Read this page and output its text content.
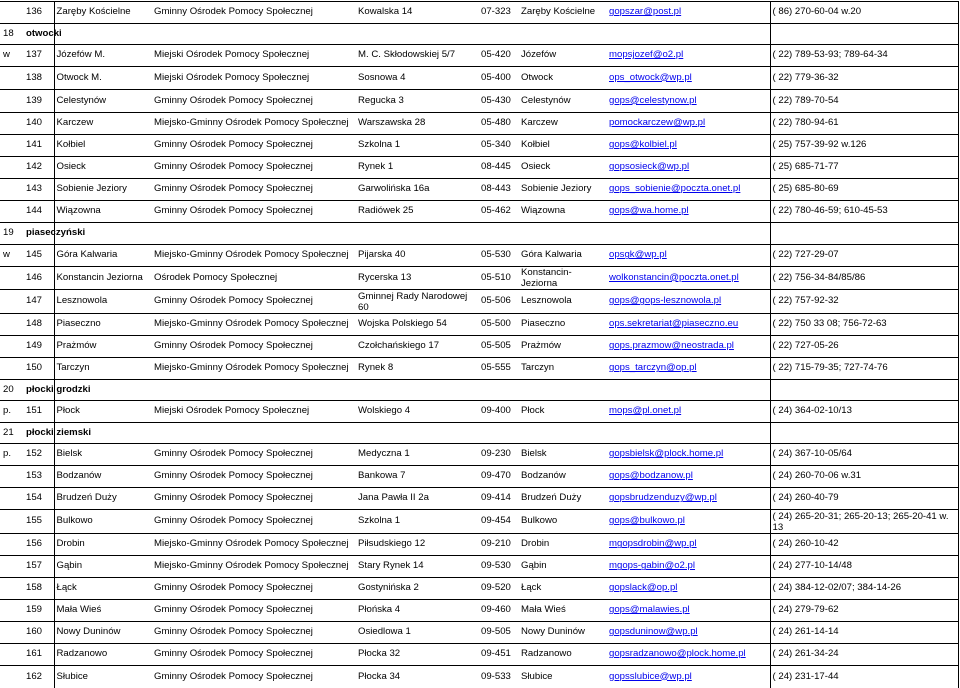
	136	Zaręby Kościelne	Gminny Ośrodek Pomocy Społecznej	Kowalska 14	07-323	Zaręby Kościelne	gopszar@post.pl	( 86) 270-60-04 w.20
18	otwocki							
w	137	Józefów M.	Miejski Ośrodek Pomocy Społecznej	M. C. Skłodowskiej 5/7	05-420	Józefów	mopsjozef@o2.pl	( 22) 789-53-93; 789-64-34
	138	Otwock M.	Miejski Ośrodek Pomocy Społecznej	Sosnowa 4	05-400	Otwock	ops_otwock@wp.pl	( 22) 779-36-32
	139	Celestynów	Gminny Ośrodek Pomocy Społecznej	Regucka 3	05-430	Celestynów	gops@celestynow.pl	( 22) 789-70-54
	140	Karczew	Miejsko-Gminny Ośrodek Pomocy Społecznej	Warszawska 28	05-480	Karczew	pomockarczew@wp.pl	( 22) 780-94-61
	141	Kołbiel	Gminny Ośrodek Pomocy Społecznej	Szkolna 1	05-340	Kołbiel	gops@kolbiel.pl	( 25) 757-39-92 w.126
	142	Osieck	Gminny Ośrodek Pomocy Społecznej	Rynek 1	08-445	Osieck	gopsosieck@wp.pl	( 25) 685-71-77
	143	Sobienie Jeziory	Gminny Ośrodek Pomocy Społecznej	Garwolińska 16a	08-443	Sobienie Jeziory	gops_sobienie@poczta.onet.pl	( 25) 685-80-69
	144	Wiązowna	Gminny Ośrodek Pomocy Społecznej	Radiówek 25	05-462	Wiązowna	gops@wa.home.pl	( 22) 780-46-59; 610-45-53
19	piaseczyński							
w	145	Góra Kalwaria	Miejsko-Gminny Ośrodek Pomocy Społecznej	Pijarska 40	05-530	Góra Kalwaria	opsgk@wp.pl	( 22) 727-29-07
	146	Konstancin Jeziorna	Ośrodek Pomocy Społecznej	Rycerska 13	05-510	Konstancin-Jeziorna	wolkonstancin@poczta.onet.pl	( 22) 756-34-84/85/86
	147	Lesznowola	Gminny Ośrodek Pomocy Społecznej	Gminnej Rady Narodowej 60	05-506	Lesznowola	gops@gops-lesznowola.pl	( 22) 757-92-32
	148	Piaseczno	Miejsko-Gminny Ośrodek Pomocy Społecznej	Wojska Polskiego 54	05-500	Piaseczno	ops.sekretariat@piaseczno.eu	( 22) 750 33 08; 756-72-63
	149	Prażmów	Gminny Ośrodek Pomocy Społecznej	Czołchańskiego 17	05-505	Prażmów	gops.prazmow@neostrada.pl	( 22) 727-05-26
	150	Tarczyn	Miejsko-Gminny Ośrodek Pomocy Społecznej	Rynek 8	05-555	Tarczyn	gops_tarczyn@op.pl	( 22) 715-79-35; 727-74-76
20	płocki grodzki							
p.	151	Płock	Miejski Ośrodek Pomocy Społecznej	Wolskiego 4	09-400	Płock	mops@pl.onet.pl	( 24) 364-02-10/13
21	płocki ziemski							
p.	152	Bielsk	Gminny Ośrodek Pomocy Społecznej	Medyczna 1	09-230	Bielsk	gopsbielsk@plock.home.pl	( 24) 367-10-05/64
	153	Bodzanów	Gminny Ośrodek Pomocy Społecznej	Bankowa 7	09-470	Bodzanów	gops@bodzanow.pl	( 24) 260-70-06 w.31
	154	Brudzeń Duży	Gminny Ośrodek Pomocy Społecznej	Jana Pawła II 2a	09-414	Brudzeń Duży	gopsbrudzenduzy@wp.pl	( 24) 260-40-79
	155	Bulkowo	Gminny Ośrodek Pomocy Społecznej	Szkolna 1	09-454	Bulkowo	gops@bulkowo.pl	( 24) 265-20-31; 265-20-13; 265-20-41 w. 13
	156	Drobin	Miejsko-Gminny Ośrodek Pomocy Społecznej	Piłsudskiego 12	09-210	Drobin	mgopsdrobin@wp.pl	( 24) 260-10-42
	157	Gąbin	Miejsko-Gminny Ośrodek Pomocy Społecznej	Stary Rynek 14	09-530	Gąbin	mgops-gabin@o2.pl	( 24) 277-10-14/48
	158	Łąck	Gminny Ośrodek Pomocy Społecznej	Gostynińska 2	09-520	Łąck	gopslack@op.pl	( 24) 384-12-02/07; 384-14-26
	159	Mała Wieś	Gminny Ośrodek Pomocy Społecznej	Płońska 4	09-460	Mała Wieś	gops@malawies.pl	( 24) 279-79-62
	160	Nowy Duninów	Gminny Ośrodek Pomocy Społecznej	Osiedlowa 1	09-505	Nowy Duninów	gopsduninow@wp.pl	( 24) 261-14-14
	161	Radzanowo	Gminny Ośrodek Pomocy Społecznej	Płocka 32	09-451	Radzanowo	gopsradzanowo@plock.home.pl	( 24) 261-34-24
	162	Słubice	Gminny Ośrodek Pomocy Społecznej	Płocka 34	09-533	Słubice	gopsslubice@wp.pl	( 24) 231-17-44
